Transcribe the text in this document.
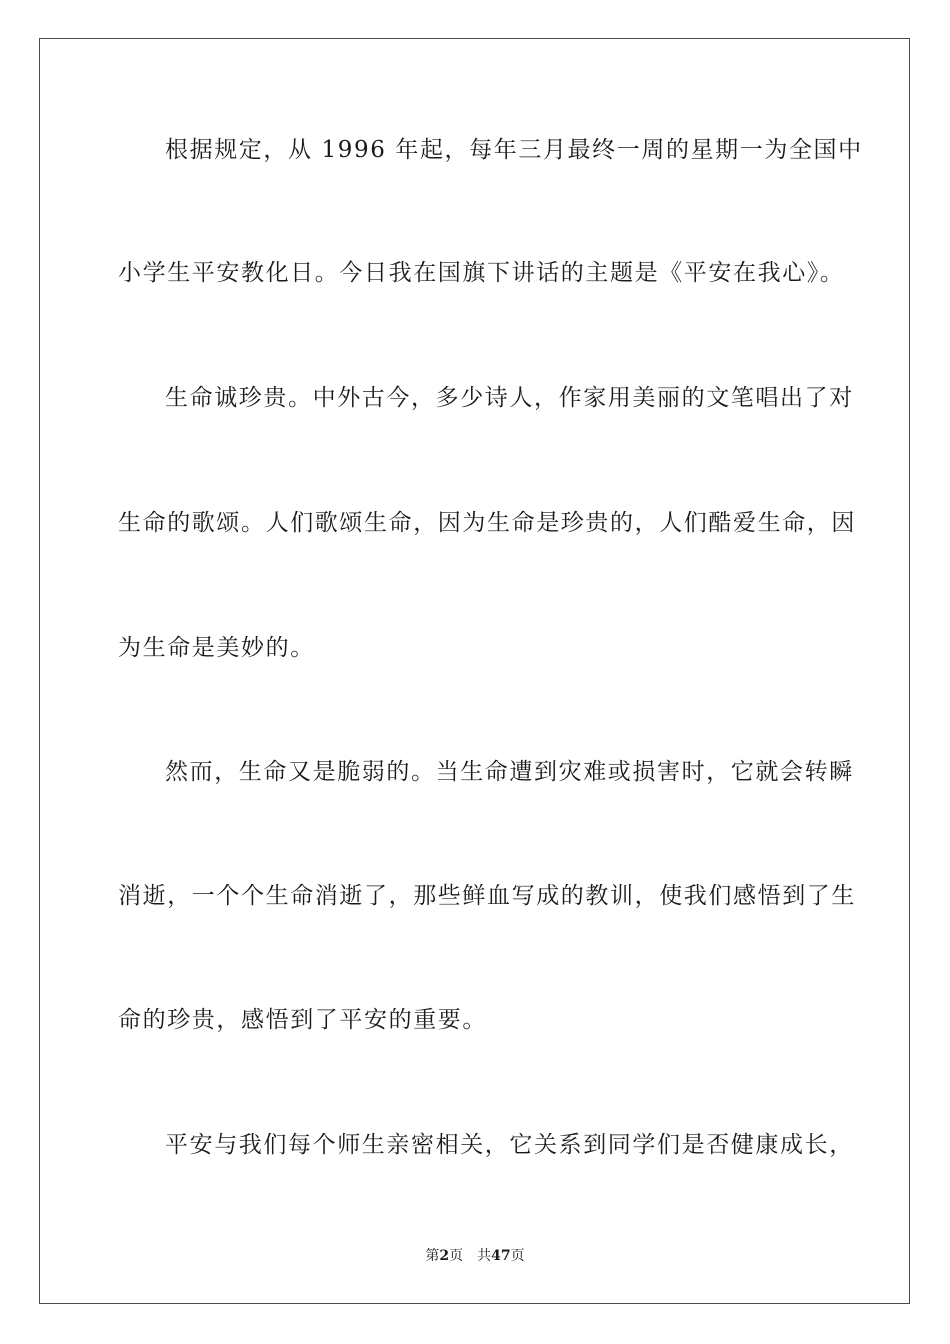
根据规定，从 1996 年起，每年三月最终一周的星期一为全国中
小学生平安教化日。今日我在国旗下讲话的主题是《平安在我心》。
生命诚珍贵。中外古今，多少诗人，作家用美丽的文笔唱出了对
生命的歌颂。人们歌颂生命，因为生命是珍贵的，人们酷爱生命，因
为生命是美妙的。
然而，生命又是脆弱的。当生命遭到灾难或损害时，它就会转瞬
消逝，一个个生命消逝了，那些鲜血写成的教训，使我们感悟到了生
命的珍贵，感悟到了平安的重要。
平安与我们每个师生亲密相关，它关系到同学们是否健康成长，
第2页 共47页
